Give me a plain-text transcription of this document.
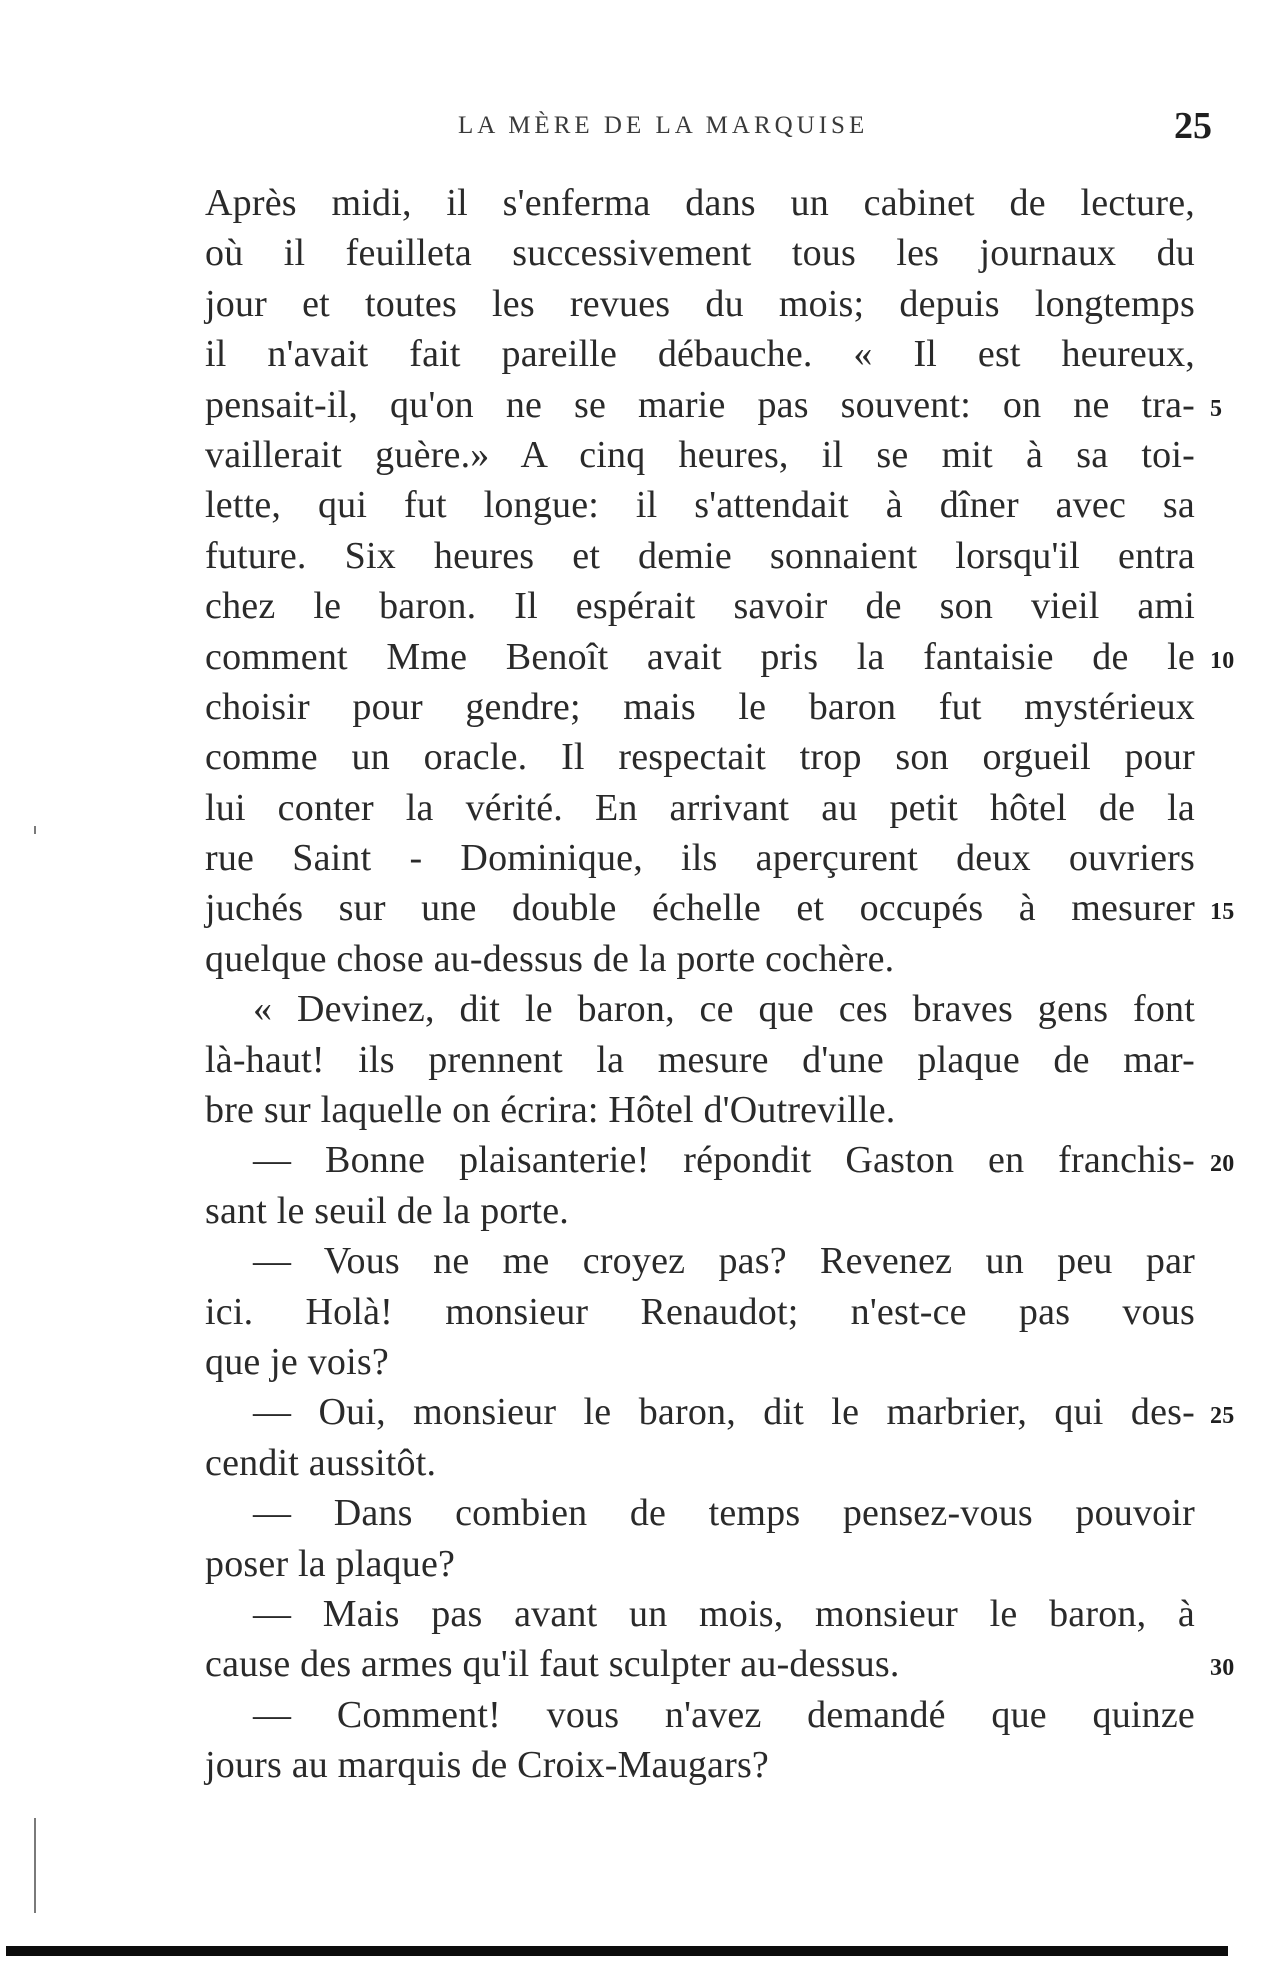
LA MÈRE DE LA MARQUISE	25
Après midi, il s'enferma dans un cabinet de lecture,
où il feuilleta successivement tous les journaux du
jour et toutes les revues du mois; depuis longtemps
il n'avait fait pareille débauche. « Il est heureux,
pensait-il, qu'on ne se marie pas souvent: on ne tra- 5
vaillerait guère.» A cinq heures, il se mit à sa toi-
lette, qui fut longue: il s'attendait à dîner avec sa
future. Six heures et demie sonnaient lorsqu'il entra
chez le baron. Il espérait savoir de son vieil ami
comment Mme Benoît avait pris la fantaisie de le 10
choisir pour gendre; mais le baron fut mystérieux
comme un oracle. Il respectait trop son orgueil pour
lui conter la vérité. En arrivant au petit hôtel de la
rue Saint - Dominique, ils aperçurent deux ouvriers
juchés sur une double échelle et occupés à mesurer 15
quelque chose au-dessus de la porte cochère.
« Devinez, dit le baron, ce que ces braves gens font
là-haut! ils prennent la mesure d'une plaque de mar-
bre sur laquelle on écrira: Hôtel d'Outreville.
— Bonne plaisanterie! répondit Gaston en franchis- 20
sant le seuil de la porte.
— Vous ne me croyez pas? Revenez un peu par
ici. Holà! monsieur Renaudot; n'est-ce pas vous
que je vois?
— Oui, monsieur le baron, dit le marbrier, qui des- 25
cendit aussitôt.
— Dans combien de temps pensez-vous pouvoir
poser la plaque?
— Mais pas avant un mois, monsieur le baron, à
cause des armes qu'il faut sculpter au-dessus.	30
— Comment! vous n'avez demandé que quinze
jours au marquis de Croix-Maugars?
